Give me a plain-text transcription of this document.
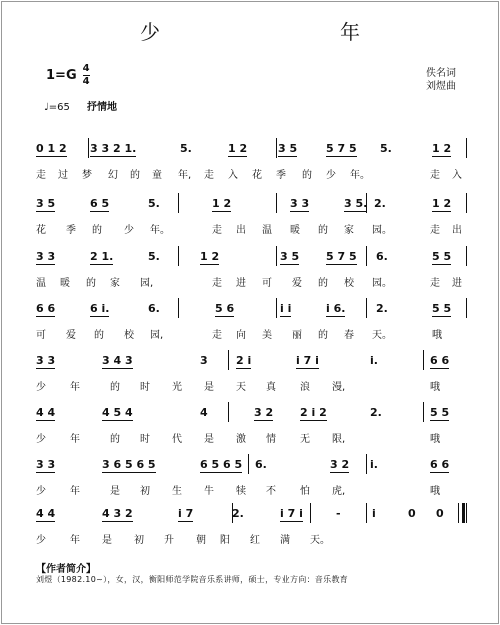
少　年
$1=G \frac{4}{4}$	佚名词
刘煜曲
♩=65 抒情地
0 1 2 3 3 2 1.	5.	1 2	3 5	5 7 5 5.	1 2
走 过 梦 幻 的 童 年, 走 入 花 季 的 少 年。	走 入
3 5	6 5	5.	1 2	3 3	3 5. 2.	1 2
花 季 的 少 年。	走 出 温 暖 的 家 园。	走 出
3 3	2 1.	5.	1 2	3 5 5 7 5 6.	5 5
温 暖 的 家 园,	走 进 可 爱 的 校 园。	走 进
6 6	6 i.	6.	5 6	i i	i 6.	2.	5 5
可 爱 的 校 园,	走 向 美 丽 的 春 天。	哦
3 3	3 4 3	3	2 i	i 7 i	i.	6 6
少 年	的 时 光 是 天 真 浪 漫,	哦
4 4	4 5 4	4	3 2 2 i 2	2.	5 5
少 年	的 时 代 是 激 情 无 限,	哦
3 3	3 6 5 6 5	6 5 6 5 6.	3 2 i.	6 6
少 年	是 初 生 牛 犊 不 怕 虎,	哦
4 4	4 3 2	i 7	2.	i 7 i	-	i	0 0
少 年 是 初 升 朝 阳 红 满 天。
【作者简介】
刘煜（1982.10~），女，汉，衡阳师范学院音乐系讲师，硕士，专业方向：音乐教育
